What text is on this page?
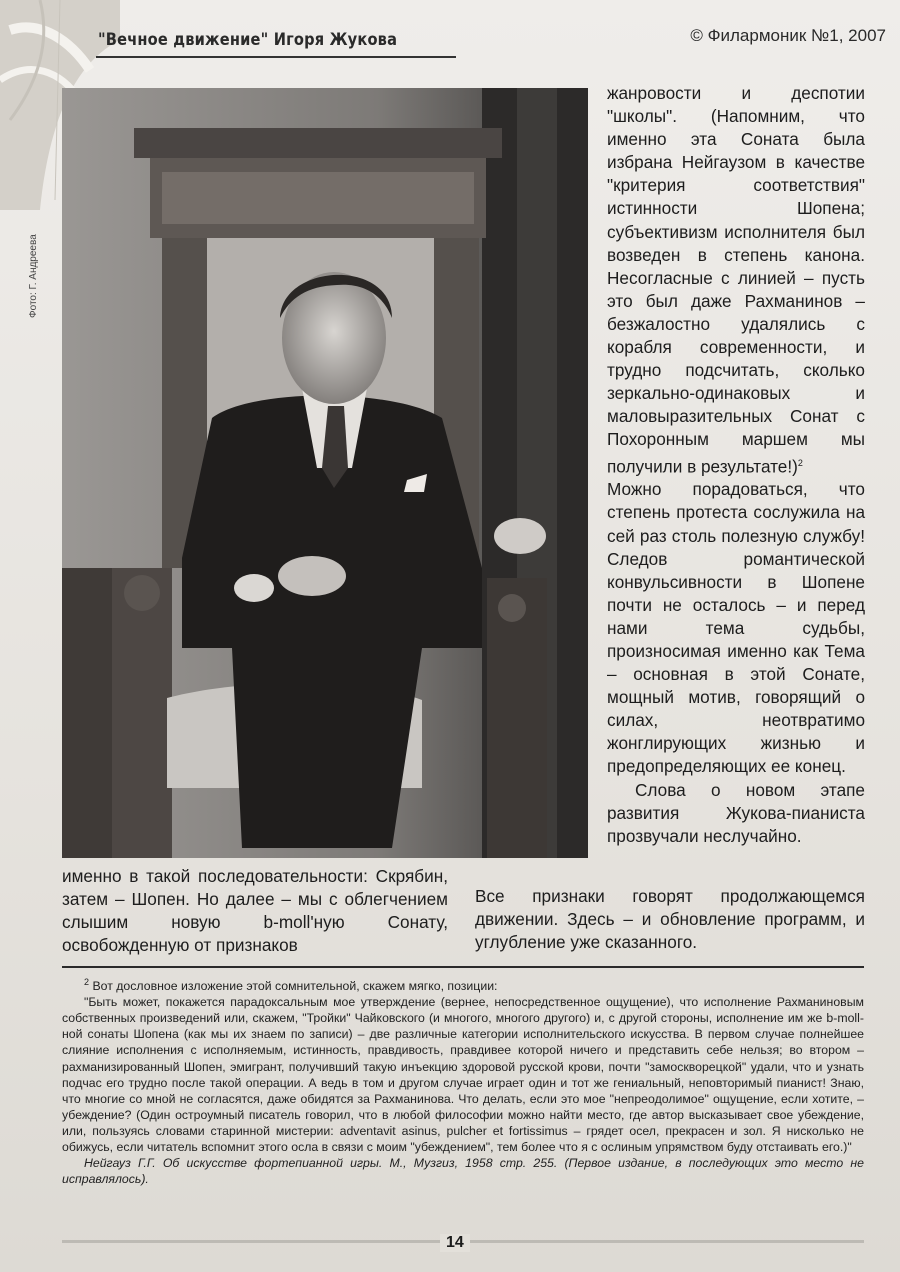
"Вечное движение" Игоря Жукова	© Филармоник №1, 2007
Фото: Г. Андреева

жанровости и деспотии "школы". (Напомним, что именно эта Соната была избрана Нейгаузом в качестве "критерия соответствия" истинности Шопена; субъективизм исполнителя был возведен в степень канона. Несогласные с линией – пусть это был даже Рахманинов – безжалостно удалялись с корабля современности, и трудно подсчитать, сколько зеркально-одинаковых и маловыразительных Сонат с Похоронным маршем мы получили в результате!)$^2$

Можно порадоваться, что степень протеста сослужила на сей раз столь полезную службу! Следов романтической конвульсивности в Шопене почти не осталось – и перед нами тема судьбы, произносимая именно как Тема – основная в этой Сонате, мощный мотив, говорящий о силах, неотвратимо жонглирующих жизнью и предопределяющих ее конец.

Слова о новом этапе развития Жукова-пианиста прозвучали неслучайно.

именно в такой последовательности: Скрябин, затем – Шопен. Но далее – мы с облегчением слышим новую b-moll'ную Сонату, освобожденную от признаков
Все признаки говорят продолжающемся движении. Здесь – и обновление программ, и углубление уже сказанного.

$^2$ Вот дословное изложение этой сомнительной, скажем мягко, позиции:

"Быть может, покажется парадоксальным мое утверждение (вернее, непосредственное ощущение), что исполнение Рахманиновым собственных произведений или, скажем, "Тройки" Чайковского (и многого, многого другого) и, с другой стороны, исполнение им же b-moll-ной сонаты Шопена (как мы их знаем по записи) – две различные категории исполнительского искусства. В первом случае полнейшее слияние исполнения с исполняемым, истинность, правдивость, правдивее которой ничего и представить себе нельзя; во втором – рахманизированный Шопен, эмигрант, получивший такую инъекцию здоровой русской крови, почти "замоскворецкой" удали, что и узнать подчас его трудно после такой операции. А ведь в том и другом случае играет один и тот же гениальный, неповторимый пианист! Знаю, что многие со мной не согласятся, даже обидятся за Рахманинова. Что делать, если это мое "непреодолимое" ощущение, если хотите, – убеждение? (Один остроумный писатель говорил, что в любой философии можно найти место, где автор высказывает свое убеждение, или, пользуясь словами старинной мистерии: adventavit asinus, pulcher et fortissimus – грядет осел, прекрасен и зол. Я нисколько не обижусь, если читатель вспомнит этого осла в связи с моим "убеждением", тем более что я с ослиным упрямством буду отстаивать его.)"

Нейгауз Г.Г. Об искусстве фортепианной игры. М., Музгиз, 1958 стр. 255. (Первое издание, в последующих это место не исправлялось).

14
